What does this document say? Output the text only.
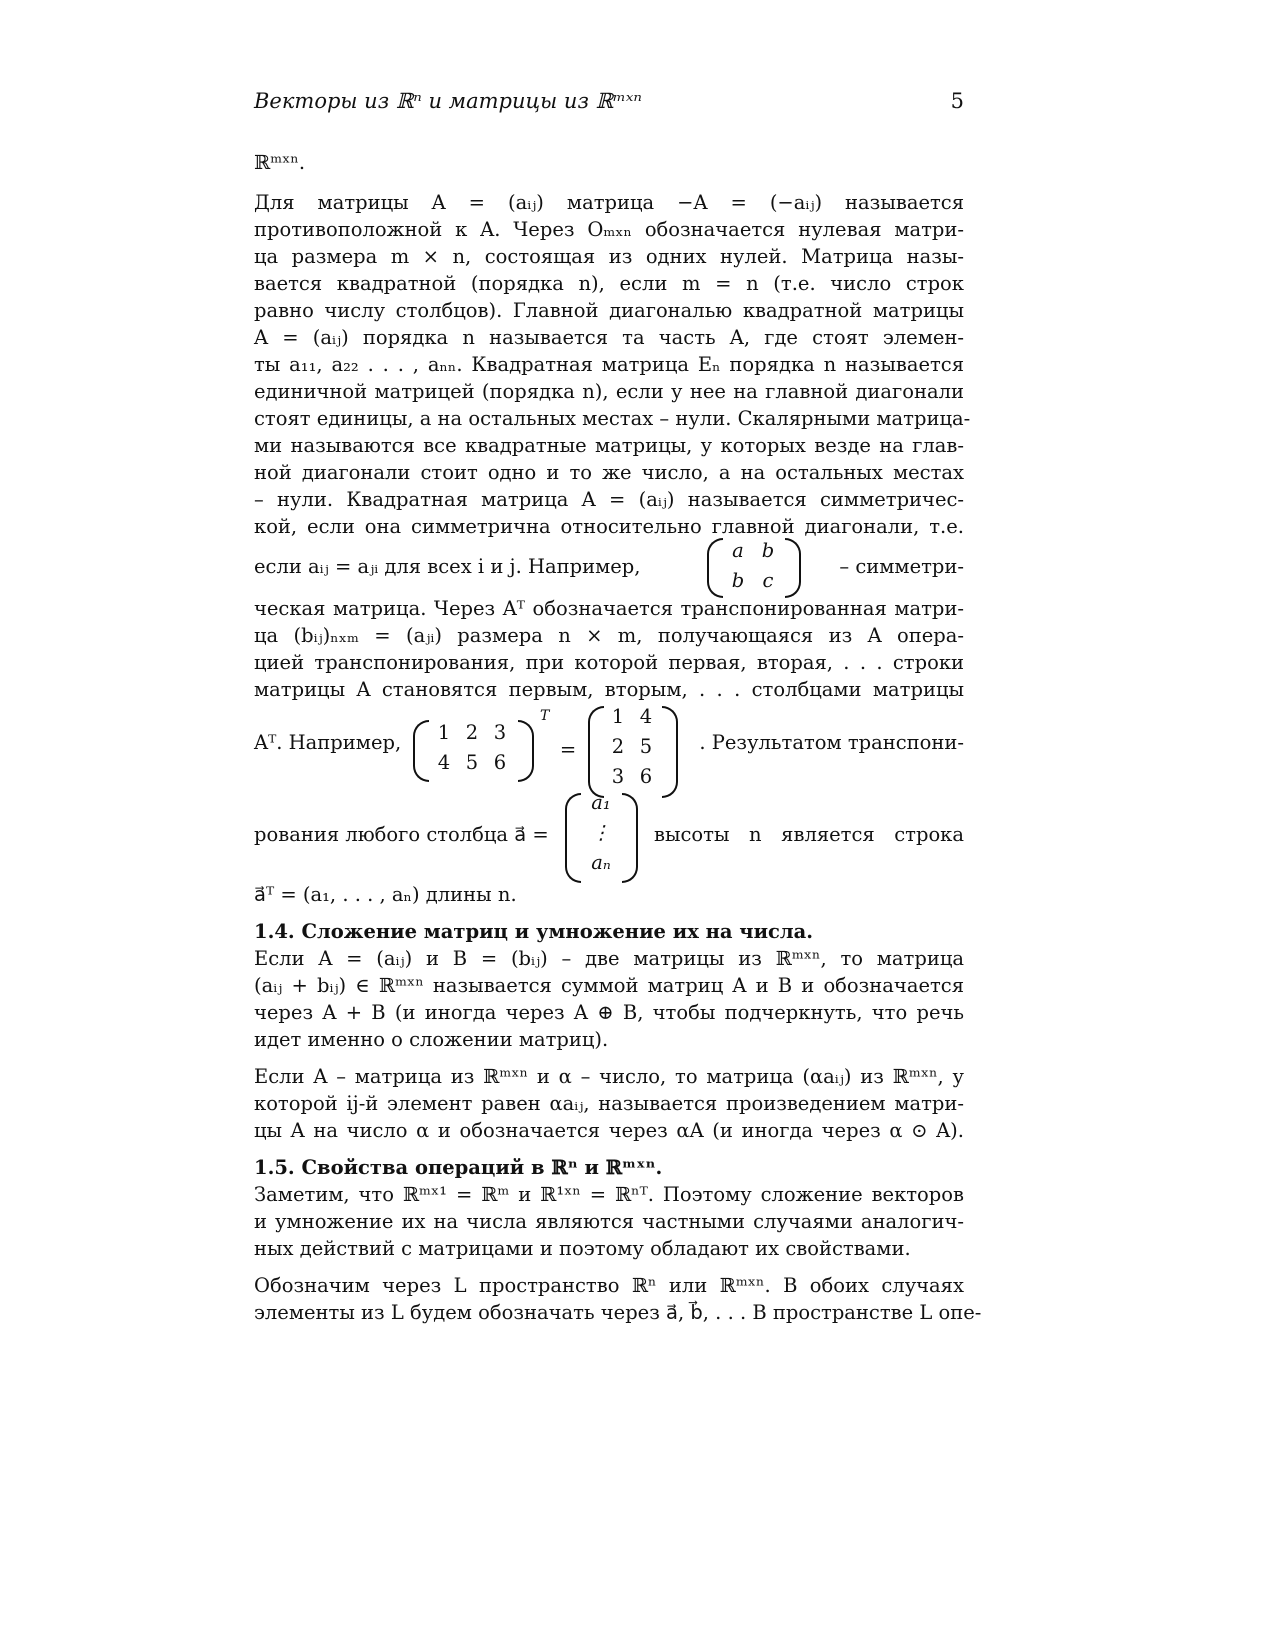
Векторы из ℝⁿ и матрицы из ℝᵐˣⁿ	5
ℝᵐˣⁿ.
Для матрицы A = (aᵢⱼ) матрица −A = (−aᵢⱼ) называется
противоположной к A. Через Oₘₓₙ обозначается нулевая матри-
ца размера m × n, состоящая из одних нулей. Матрица назы-
вается квадратной (порядка n), если m = n (т.е. число строк
равно числу столбцов). Главной диагональю квадратной матрицы
A = (aᵢⱼ) порядка n называется та часть A, где стоят элемен-
ты a₁₁, a₂₂ . . . , aₙₙ. Квадратная матрица Eₙ порядка n называется
единичной матрицей (порядка n), если у нее на главной диагонали
стоят единицы, а на остальных местах – нули. Скалярными матрица-
ми называются все квадратные матрицы, у которых везде на глав-
ной диагонали стоит одно и то же число, а на остальных местах
– нули. Квадратная матрица A = (aᵢⱼ) называется симметричес-
кой, если она симметрична относительно главной диагонали, т.е.
если aᵢⱼ = aⱼᵢ для всех i и j. Например,
a b
b c
– симметри-
ческая матрица. Через Aᵀ обозначается транспонированная матри-
ца (bᵢⱼ)ₙₓₘ = (aⱼᵢ) размера n × m, получающаяся из A опера-
цией транспонирования, при которой первая, вторая, . . . строки
матрицы A становятся первым, вторым, . . . столбцами матрицы
Aᵀ. Например,	1 2 3
4 5 6
T
=
1 4
2 5
3 6
. Результатом транспони-
рования любого столбца a⃗ =
a₁
⋮
aₙ
высоты n является строка
a⃗ᵀ = (a₁, . . . , aₙ) длины n.
1.4. Сложение матриц и умножение их на числа.
Если A = (aᵢⱼ) и B = (bᵢⱼ) – две матрицы из ℝᵐˣⁿ, то матрица
(aᵢⱼ + bᵢⱼ) ∈ ℝᵐˣⁿ называется суммой матриц A и B и обозначается
через A + B (и иногда через A ⊕ B, чтобы подчеркнуть, что речь
идет именно о сложении матриц).
Если A – матрица из ℝᵐˣⁿ и α – число, то матрица (αaᵢⱼ) из ℝᵐˣⁿ, у
которой ij-й элемент равен αaᵢⱼ, называется произведением матри-
цы A на число α и обозначается через αA (и иногда через α ⊙ A).
1.5. Свойства операций в ℝⁿ и ℝᵐˣⁿ.
Заметим, что ℝᵐˣ¹ = ℝᵐ и ℝ¹ˣⁿ = ℝⁿᵀ. Поэтому сложение векторов
и умножение их на числа являются частными случаями аналогич-
ных действий с матрицами и поэтому обладают их свойствами.
Обозначим через L пространство ℝⁿ или ℝᵐˣⁿ. В обоих случаях
элементы из L будем обозначать через a⃗, b⃗, . . . В пространстве L опе-
